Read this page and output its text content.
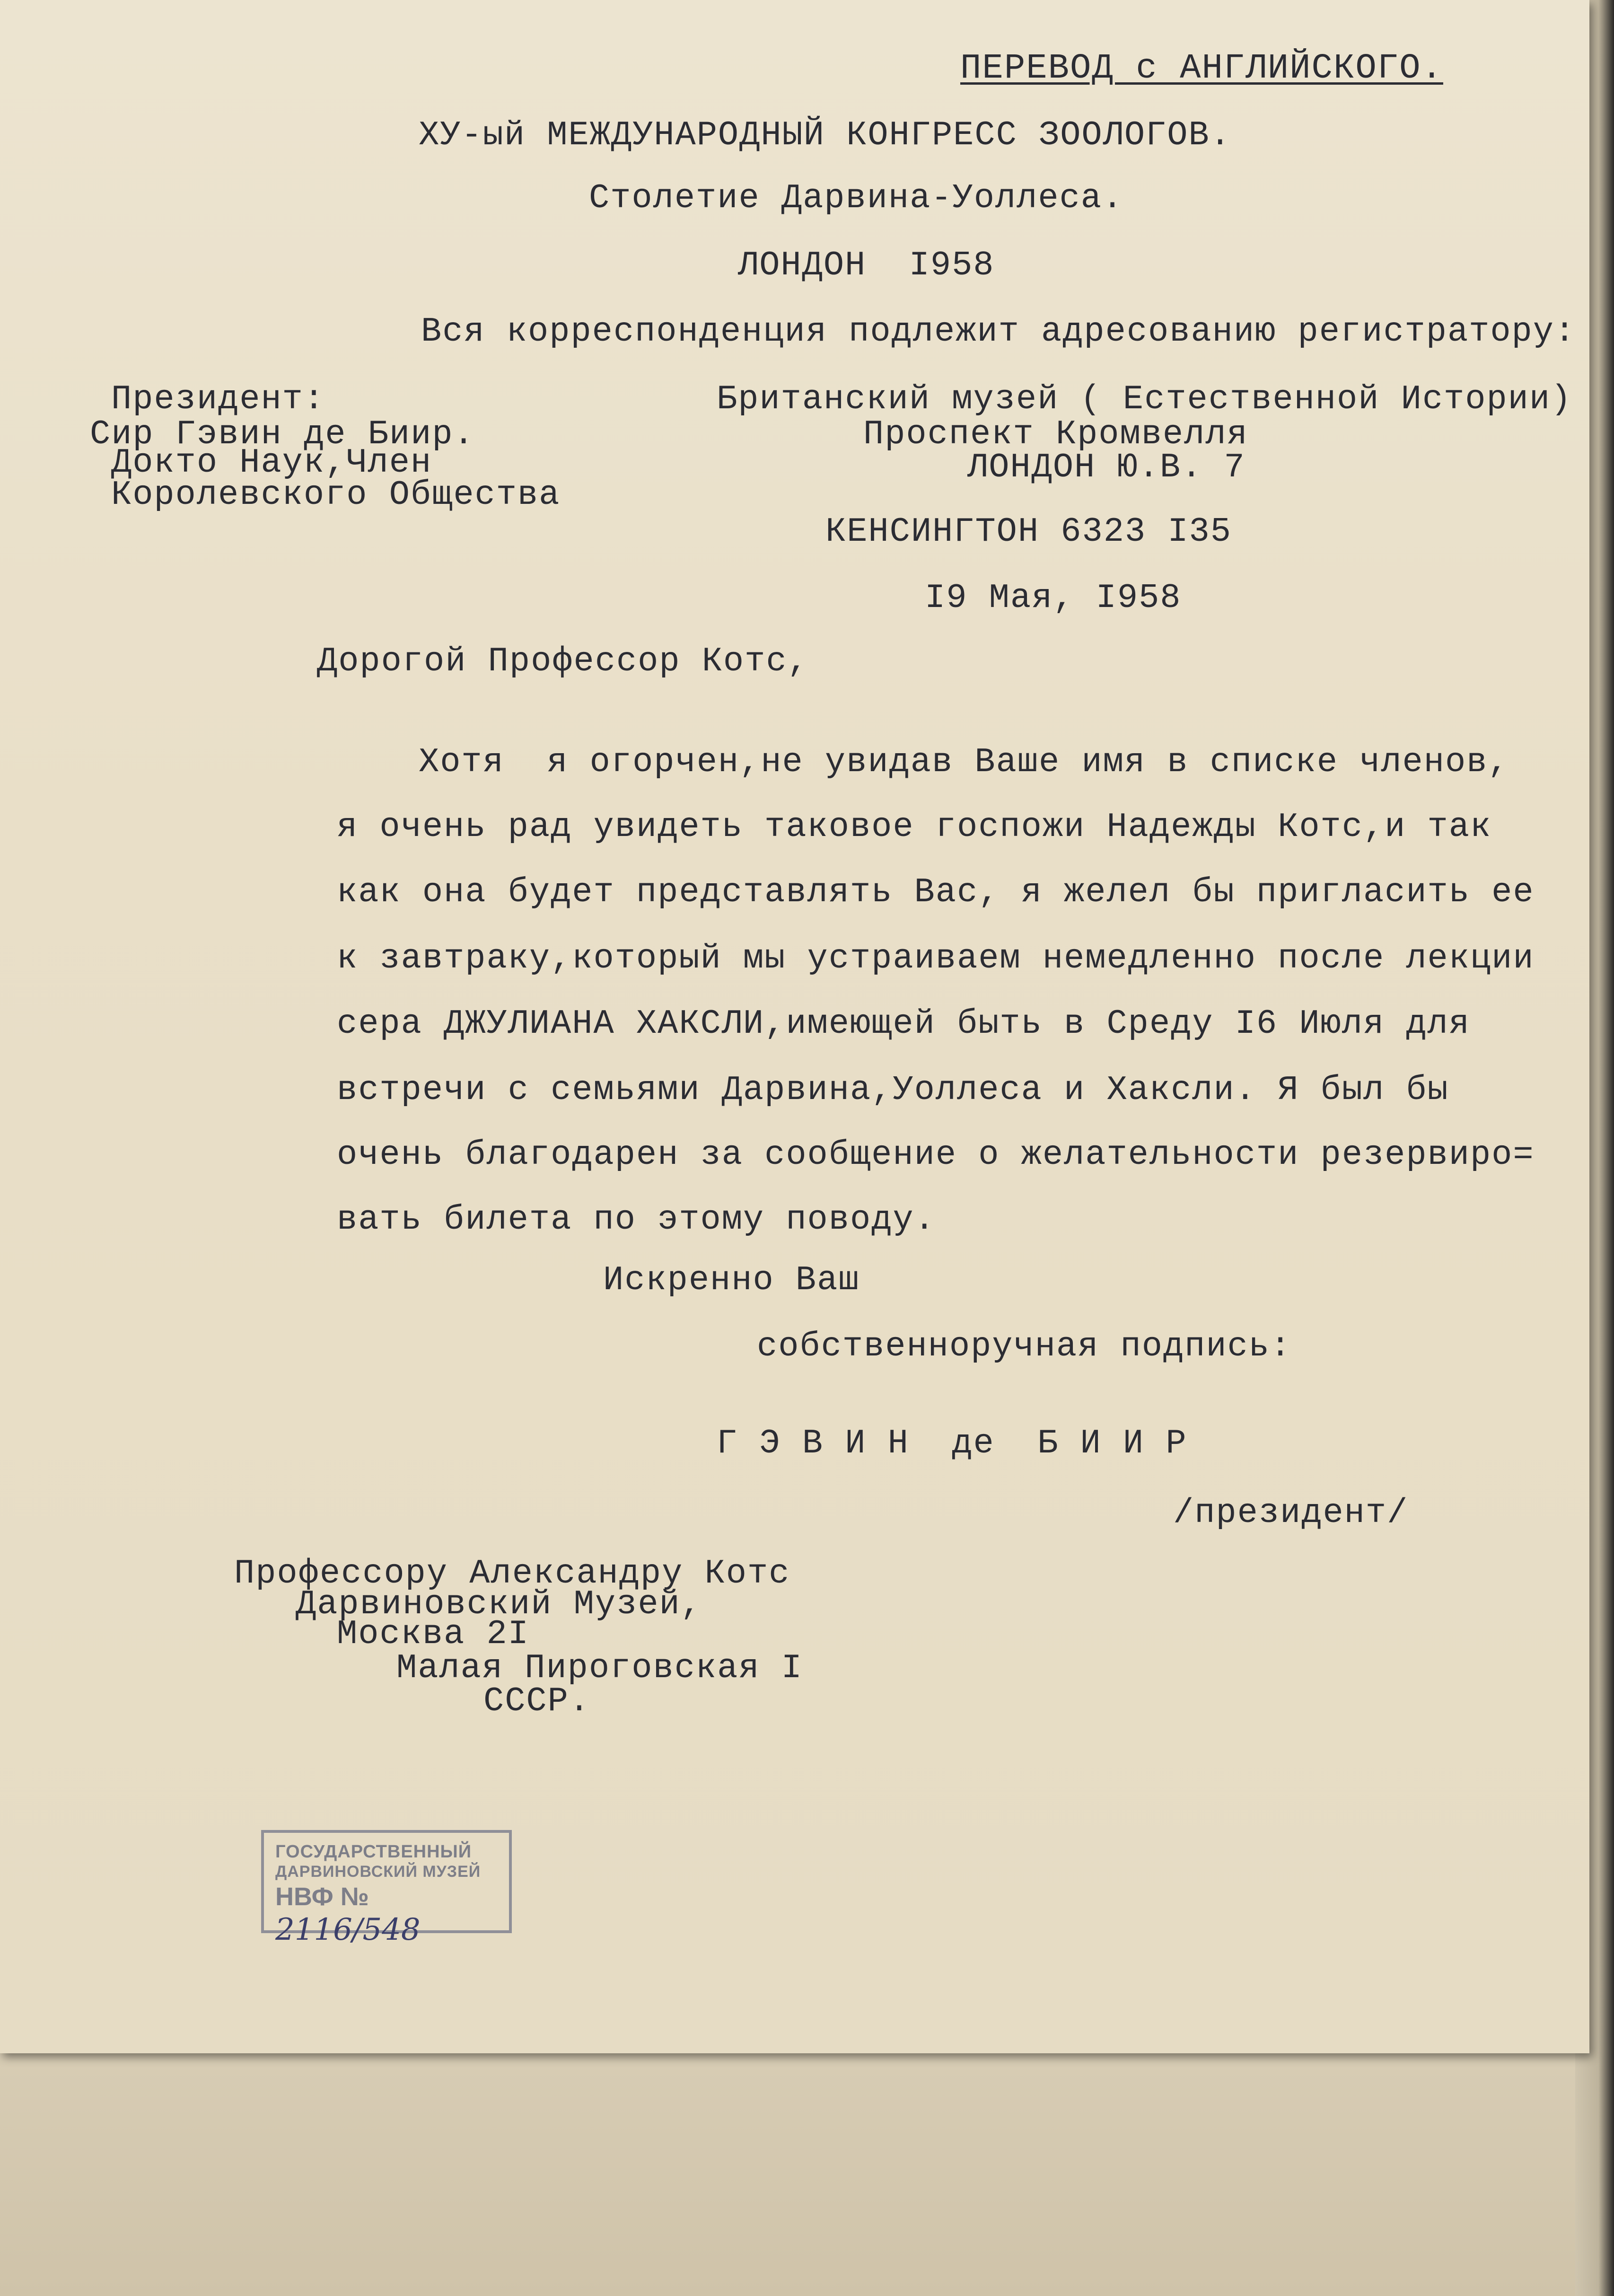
ПЕРЕВОД с АНГЛИЙСКОГО.
ХУ-ый МЕЖДУНАРОДНЫЙ КОНГРЕСС ЗООЛОГОВ.
Столетие Дарвина-Уоллеса.
ЛОНДОН  I958
Вся корреспонденция подлежит адресованию регистратору:
Президент:
Сир Гэвин де Биир.
Докто Наук,Член
Королевского Общества
Британский музей ( Естественной Истории)
Проспект Кромвелля
ЛОНДОН Ю.В. 7
КЕНСИНГТОН 6323 I35
I9 Мая, I958
Дорогой Профессор Котс,
Хотя  я огорчен,не увидав Ваше имя в списке членов,
я очень рад увидеть таковое госпожи Надежды Котс,и так
как она будет представлять Вас, я желел бы пригласить ее
к завтраку,который мы устраиваем немедленно после лекции
сера ДЖУЛИАНА ХАКСЛИ,имеющей быть в Среду I6 Июля для
встречи с семьями Дарвина,Уоллеса и Хаксли. Я был бы
очень благодарен за сообщение о желательности резервиро=
вать билета по этому поводу.
Искренно Ваш
собственноручная подпись:
Г Э В И Н  де  Б И И Р
/президент/
Профессору Александру Котс
Дарвиновский Музей,
Москва 2I
Малая Пироговская I
СССР.
ГОСУДАРСТВЕННЫЙ
ДАРВИНОВСКИЙ МУЗЕЙ
НВФ № 2116/548
